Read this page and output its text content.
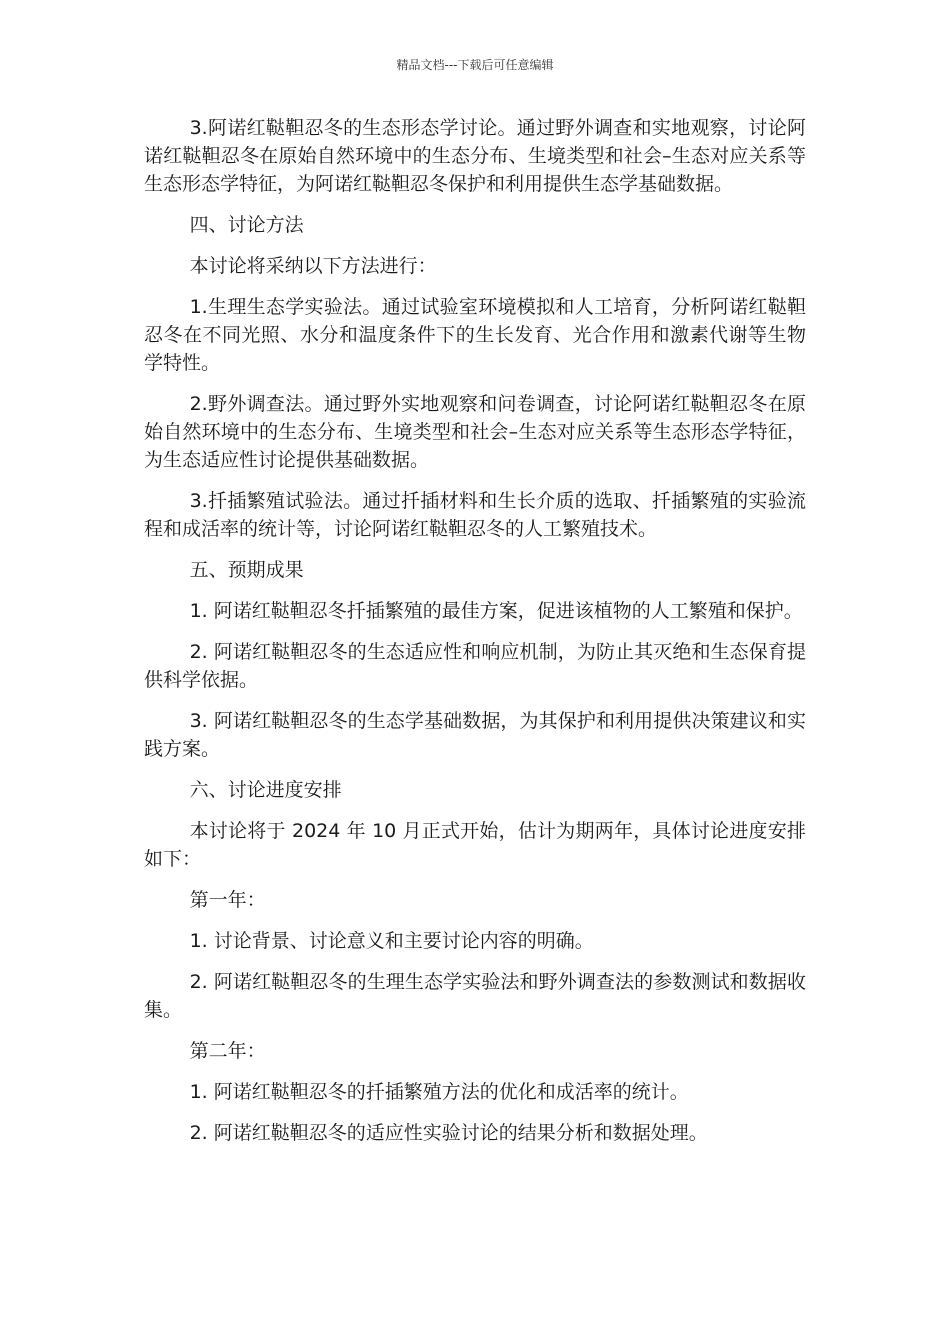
精品文档---下载后可任意编辑

3.阿诺红鞑靼忍冬的生态形态学讨论。通过野外调查和实地观察，讨论阿诺红鞑靼忍冬在原始自然环境中的生态分布、生境类型和社会–生态对应关系等生态形态学特征，为阿诺红鞑靼忍冬保护和利用提供生态学基础数据。

四、讨论方法

本讨论将采纳以下方法进行：

1.生理生态学实验法。通过试验室环境模拟和人工培育，分析阿诺红鞑靼忍冬在不同光照、水分和温度条件下的生长发育、光合作用和激素代谢等生物学特性。

2.野外调查法。通过野外实地观察和问卷调查，讨论阿诺红鞑靼忍冬在原始自然环境中的生态分布、生境类型和社会–生态对应关系等生态形态学特征，为生态适应性讨论提供基础数据。

3.扦插繁殖试验法。通过扦插材料和生长介质的选取、扦插繁殖的实验流程和成活率的统计等，讨论阿诺红鞑靼忍冬的人工繁殖技术。

五、预期成果

1. 阿诺红鞑靼忍冬扦插繁殖的最佳方案，促进该植物的人工繁殖和保护。

2. 阿诺红鞑靼忍冬的生态适应性和响应机制，为防止其灭绝和生态保育提供科学依据。

3. 阿诺红鞑靼忍冬的生态学基础数据，为其保护和利用提供决策建议和实践方案。

六、讨论进度安排

本讨论将于 2024 年 10 月正式开始，估计为期两年，具体讨论进度安排如下：

第一年：

1. 讨论背景、讨论意义和主要讨论内容的明确。

2. 阿诺红鞑靼忍冬的生理生态学实验法和野外调查法的参数测试和数据收集。

第二年：

1. 阿诺红鞑靼忍冬的扦插繁殖方法的优化和成活率的统计。

2. 阿诺红鞑靼忍冬的适应性实验讨论的结果分析和数据处理。
